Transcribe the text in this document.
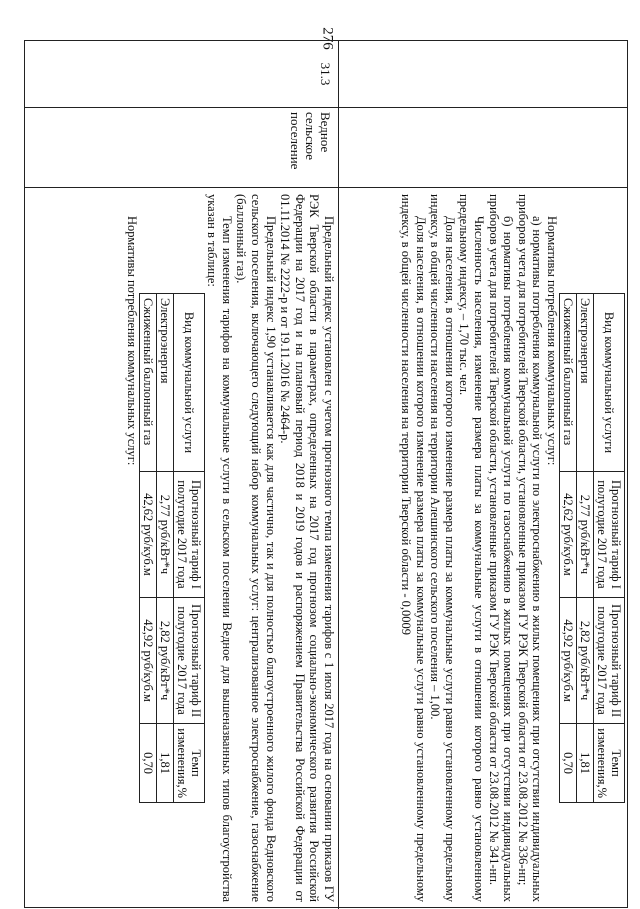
276
31.3
Ведное сельское поселение
Вид коммунальной услуги	Прогнозный тариф I полугодие 2017 года	Прогнозный тариф II полугодие 2017 года	Темп изменения,%
Электроэнергия	2,77 руб/кВт*ч	2,82 руб/кВт*ч	1,81
Сжиженный баллонный газ	42,62 руб/куб.м	42,92 руб/куб.м	0,70

Нормативы потребления коммунальных услуг:

а) нормативы потребления коммунальной услуги по электроснабжению в жилых помещениях при отсутствии индивидуальных приборов учета для потребителей Тверской области, установленные приказом ГУ РЭК Тверской области от 23.08.2012 № 336-нп;

б) нормативы потребления коммунальной услуги по газоснабжению в жилых помещениях при отсутствии индивидуальных приборов учета для потребителей Тверской области, установленные приказом ГУ РЭК Тверской области от 23.08.2012 № 341-нп.

Численность населения, изменение размера платы за коммунальные услуги в отношении которого равно установленному предельному индексу, – 1,70 тыс. чел.

Доля населения, в отношении которого изменение размера платы за коммунальные услуги равно установленному предельному индексу, в общей численности населения на территории Алешинского сельского поселения – 1,00.

Доля населения, в отношении которого изменение размера платы за коммунальные услуги равно установленному предельному индексу, в общей численности населения на территории Тверской области - 0,0009

Предельный индекс установлен с учетом прогнозного темпа изменения тарифов с 1 июля 2017 года на основании приказов ГУ РЭК Тверской области в параметрах, определенных на 2017 год прогнозом социально-экономического развития Российской Федерации на 2017 год и на плановый период 2018 и 2019 годов и распоряжением Правительства Российской Федерации от 01.11.2014 № 2222-р и от 19.11.2016 № 2464-р.

Предельный индекс 1,90 устанавливается как для частично, так и для полностью благоустроенного жилого фонда Ведновского сельского поселения, включающего следующий набор коммунальных услуг: централизованное электроснабжение, газоснабжение (баллонный газ).

Темп изменения тарифов на коммунальные услуги в сельском поселении Ведное для вышеназванных типов благоустройства указан в таблице:

Вид коммунальной услуги	Прогнозный тариф I полугодие 2017 года	Прогнозный тариф II полугодие 2017 года	Темп изменения,%
Электроэнергия	2,77 руб/кВт*ч	2,82 руб/кВт*ч	1,81
Сжиженный баллонный газ	42,62 руб/куб.м	42,92 руб/куб.м	0,70

Нормативы потребления коммунальных услуг:
